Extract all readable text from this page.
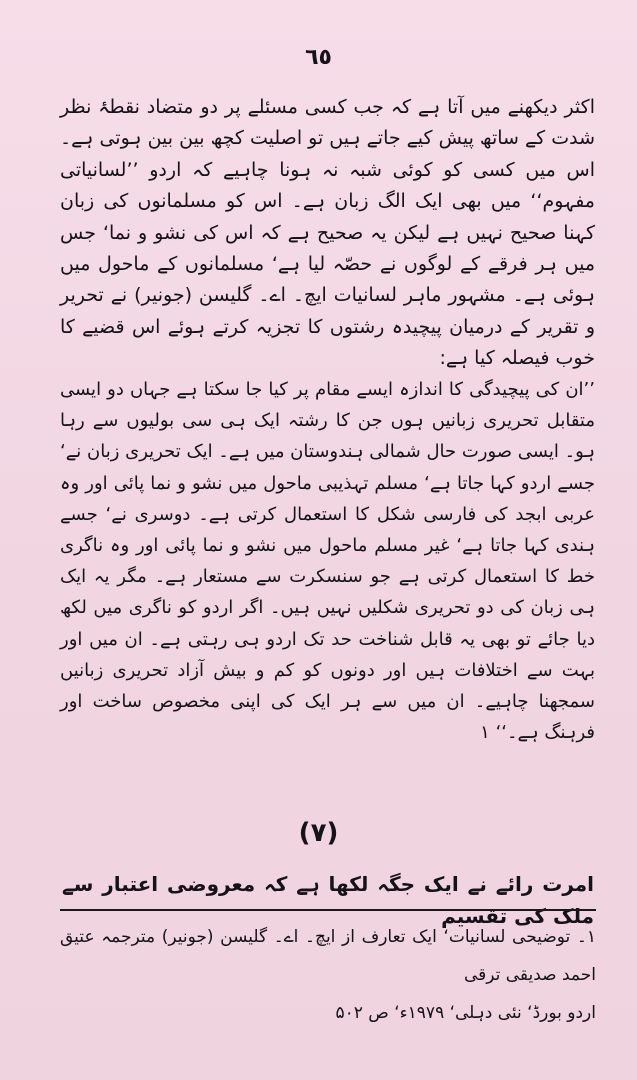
٦٥

اکثر دیکھنے میں آتا ہے کہ جب کسی مسئلے پر دو متضاد نقطۂ نظر شدت کے ساتھ پیش کیے جاتے ہیں تو اصلیت کچھ بین بین ہوتی ہے۔ اس میں کسی کو کوئی شبہ نہ ہونا چاہیے کہ اردو ’’لسانیاتی مفہوم‘‘ میں بھی ایک الگ زبان ہے۔ اس کو مسلمانوں کی زبان کہنا صحیح نہیں ہے لیکن یہ صحیح ہے کہ اس کی نشو و نما‘ جس میں ہر فرقے کے لوگوں نے حصّہ لیا ہے‘ مسلمانوں کے ماحول میں ہوئی ہے۔ مشہور ماہر لسانیات ایچ۔ اے۔ گلیسن (جونیر) نے تحریر و تقریر کے درمیان پیچیدہ رشتوں کا تجزیہ کرتے ہوئے اس قضیے کا خوب فیصلہ کیا ہے:

’’ان کی پیچیدگی کا اندازہ ایسے مقام پر کیا جا سکتا ہے جہاں دو ایسی متقابل تحریری زبانیں ہوں جن کا رشتہ ایک ہی سی بولیوں سے رہا ہو۔ ایسی صورت حال شمالی ہندوستان میں ہے۔ ایک تحریری زبان نے‘ جسے اردو کہا جاتا ہے‘ مسلم تہذیبی ماحول میں نشو و نما پائی اور وہ عربی ابجد کی فارسی شکل کا استعمال کرتی ہے۔ دوسری نے‘ جسے ہندی کہا جاتا ہے‘ غیر مسلم ماحول میں نشو و نما پائی اور وہ ناگری خط کا استعمال کرتی ہے جو سنسکرت سے مستعار ہے۔ مگر یہ ایک ہی زبان کی دو تحریری شکلیں نہیں ہیں۔ اگر اردو کو ناگری میں لکھ دیا جائے تو بھی یہ قابل شناخت حد تک اردو ہی رہتی ہے۔ ان میں اور بہت سے اختلافات ہیں اور دونوں کو کم و بیش آزاد تحریری زبانیں سمجھنا چاہیے۔ ان میں سے ہر ایک کی اپنی مخصوص ساخت اور فرہنگ ہے۔‘‘ ۱

(۷)
امرت رائے نے ایک جگہ لکھا ہے کہ معروضی اعتبار سے ملک کی تقسیم

۱۔ توضیحی لسانیات‘ ایک تعارف از ایچ۔ اے۔ گلیسن (جونیر) مترجمہ عتیق احمد صدیقی ترقی

اردو بورڈ‘ نئی دہلی‘ ۱۹۷۹ء‘ ص ۵۰۲
